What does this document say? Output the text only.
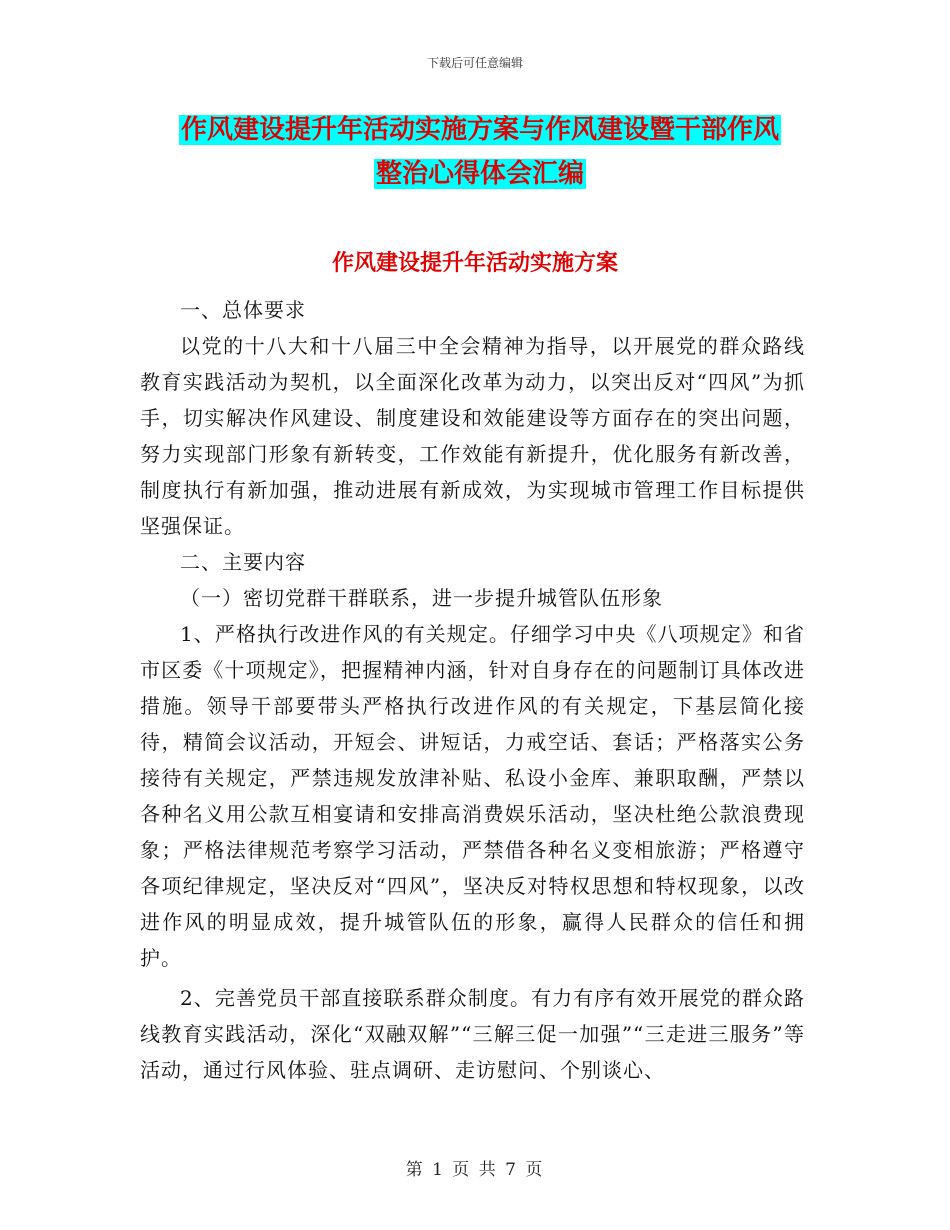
下载后可任意编辑
作风建设提升年活动实施方案与作风建设暨干部作风
整治心得体会汇编
作风建设提升年活动实施方案

一、总体要求

以党的十八大和十八届三中全会精神为指导，以开展党的群众路线教育实践活动为契机，以全面深化改革为动力，以突出反对“四风”为抓手，切实解决作风建设、制度建设和效能建设等方面存在的突出问题，努力实现部门形象有新转变，工作效能有新提升，优化服务有新改善，制度执行有新加强，推动进展有新成效，为实现城市管理工作目标提供坚强保证。

二、主要内容

（一）密切党群干群联系，进一步提升城管队伍形象

1、严格执行改进作风的有关规定。仔细学习中央《八项规定》和省市区委《十项规定》，把握精神内涵，针对自身存在的问题制订具体改进措施。领导干部要带头严格执行改进作风的有关规定，下基层简化接待，精简会议活动，开短会、讲短话，力戒空话、套话；严格落实公务接待有关规定，严禁违规发放津补贴、私设小金库、兼职取酬，严禁以各种名义用公款互相宴请和安排高消费娱乐活动，坚决杜绝公款浪费现象；严格法律规范考察学习活动，严禁借各种名义变相旅游；严格遵守各项纪律规定，坚决反对“四风”，坚决反对特权思想和特权现象，以改进作风的明显成效，提升城管队伍的形象，赢得人民群众的信任和拥护。

2、完善党员干部直接联系群众制度。有力有序有效开展党的群众路线教育实践活动，深化“双融双解”“三解三促一加强”“三走进三服务”等活动，通过行风体验、驻点调研、走访慰问、个别谈心、

第 1 页 共 7 页
